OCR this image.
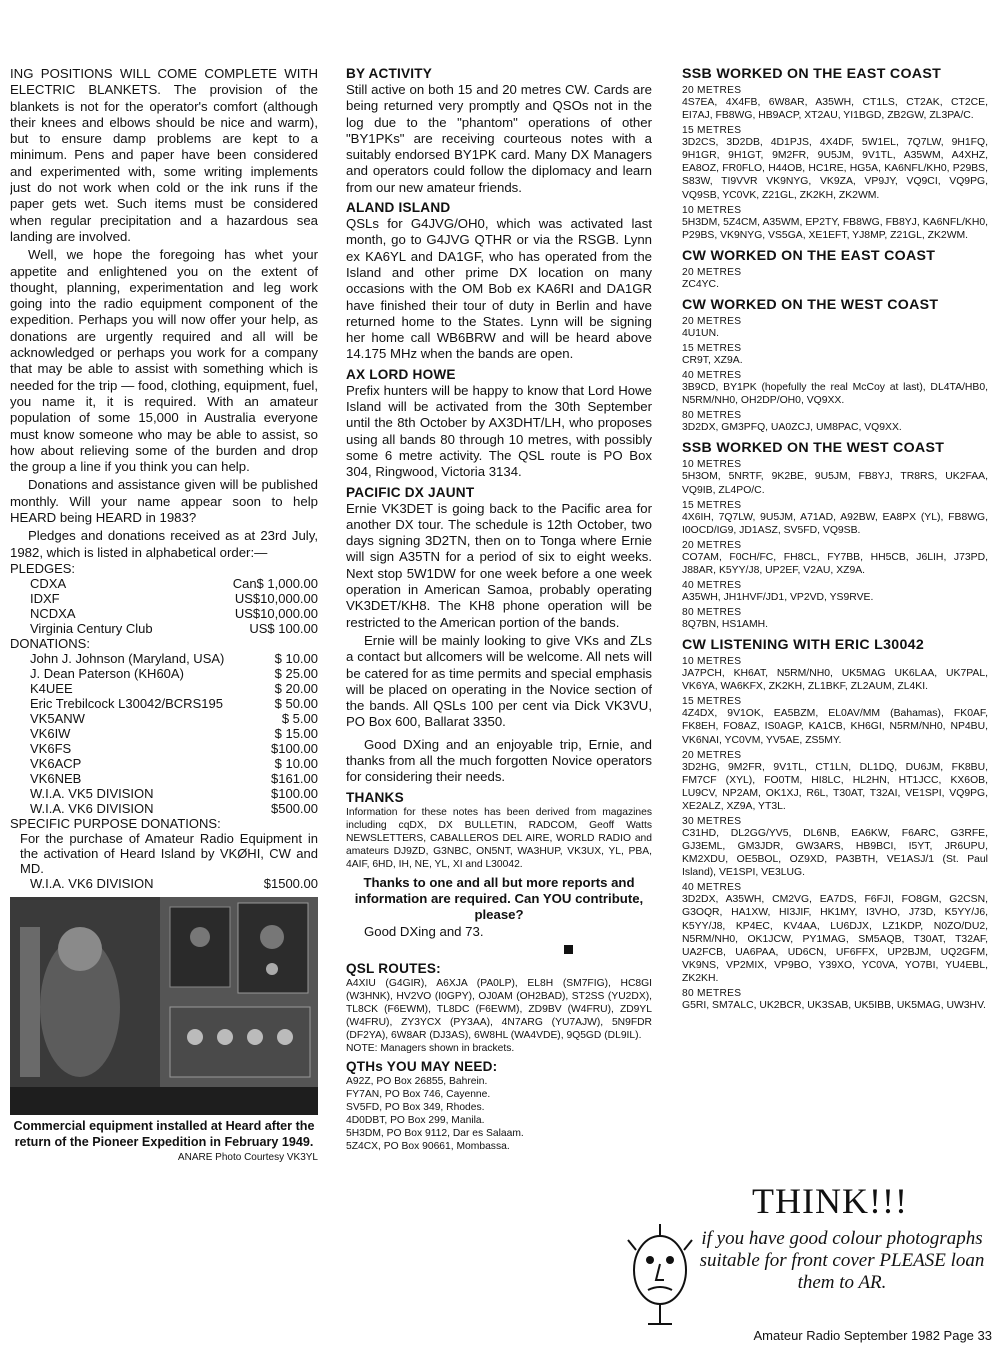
ING POSITIONS WILL COME COMPLETE WITH ELECTRIC BLANKETS. The provision of the blankets is not for the operator's comfort (although their knees and elbows should be nice and warm), but to ensure damp problems are kept to a minimum. Pens and paper have been considered and experimented with, some writing implements just do not work when cold or the ink runs if the paper gets wet. Such items must be considered when regular precipitation and a hazardous sea landing are involved.

Well, we hope the foregoing has whet your appetite and enlightened you on the extent of thought, planning, experimentation and leg work going into the radio equipment component of the expedition. Perhaps you will now offer your help, as donations are urgently required and all will be acknowledged or perhaps you work for a company that may be able to assist with something which is needed for the trip — food, clothing, equipment, fuel, you name it, it is required. With an amateur population of some 15,000 in Australia everyone must know someone who may be able to assist, so how about relieving some of the burden and drop the group a line if you think you can help.

Donations and assistance given will be published monthly. Will your name appear soon to help HEARD being HEARD in 1983?

Pledges and donations received as at 23rd July, 1982, which is listed in alphabetical order:—

PLEDGES:
CDXA	Can$ 1,000.00
IDXF	US$10,000.00
NCDXA	US$10,000.00
Virginia Century Club	US$ 100.00
DONATIONS:
John J. Johnson (Maryland, USA)	$ 10.00
J. Dean Paterson (KH60A)	$ 25.00
K4UEE	$ 20.00
Eric Trebilcock L30042/BCRS195	$ 50.00
VK5ANW	$ 5.00
VK6IW	$ 15.00
VK6FS	$100.00
VK6ACP	$ 10.00
VK6NEB	$161.00
W.I.A. VK5 DIVISION	$100.00
W.I.A. VK6 DIVISION	$500.00
SPECIFIC PURPOSE DONATIONS:
For the purchase of Amateur Radio Equipment in the activation of Heard Island by VKØHI, CW and MD.
W.I.A. VK6 DIVISION	$1500.00
Commercial equipment installed at Heard after the return of the Pioneer Expedition in February 1949.
ANARE Photo Courtesy VK3YL
BY ACTIVITY

Still active on both 15 and 20 metres CW. Cards are being returned very promptly and QSOs not in the log due to the "phantom" operations of other "BY1PKs" are receiving courteous notes with a suitably endorsed BY1PK card. Many DX Managers and operators could follow the diplomacy and learn from our new amateur friends.

ALAND ISLAND

QSLs for G4JVG/OH0, which was activated last month, go to G4JVG QTHR or via the RSGB. Lynn ex KA6YL and DA1GF, who has operated from the Island and other prime DX location on many occasions with the OM Bob ex KA6RI and DA1GR have finished their tour of duty in Berlin and have returned home to the States. Lynn will be signing her home call WB6BRW and will be heard above 14.175 MHz when the bands are open.

AX LORD HOWE

Prefix hunters will be happy to know that Lord Howe Island will be activated from the 30th September until the 8th October by AX3DHT/LH, who proposes using all bands 80 through 10 metres, with possibly some 6 metre activity. The QSL route is PO Box 304, Ringwood, Victoria 3134.

PACIFIC DX JAUNT

Ernie VK3DET is going back to the Pacific area for another DX tour. The schedule is 12th October, two days signing 3D2TN, then on to Tonga where Ernie will sign A35TN for a period of six to eight weeks. Next stop 5W1DW for one week before a one week operation in American Samoa, probably operating VK3DET/KH8. The KH8 phone operation will be restricted to the American portion of the bands.

Ernie will be mainly looking to give VKs and ZLs a contact but allcomers will be welcome. All nets will be catered for as time permits and special emphasis will be placed on operating in the Novice section of the bands. All QSLs 100 per cent via Dick VK3VU, PO Box 600, Ballarat 3350.

Good DXing and an enjoyable trip, Ernie, and thanks from all the much forgotten Novice operators for considering their needs.

THANKS

Information for these notes has been derived from magazines including cqDX, DX BULLETIN, RADCOM, Geoff Watts NEWSLETTERS, CABALLEROS DEL AIRE, WORLD RADIO and amateurs DJ9ZD, G3NBC, ON5NT, WA3HUP, VK3UX, YL, PBA, 4AIF, 6HD, IH, NE, YL, XI and L30042.

Thanks to one and all but more reports and information are required. Can YOU contribute, please?

Good DXing and 73.
QSL ROUTES:

A4XIU (G4GIR), A6XJA (PA0LP), EL8H (SM7FIG), HC8GI (W3HNK), HV2VO (I0GPY), OJ0AM (OH2BAD), ST2SS (YU2DX), TL8CK (F6EWM), TL8DC (F6EWM), ZD9BV (W4FRU), ZD9YL (W4FRU), ZY3YCX (PY3AA), 4N7ARG (YU7AJW), 5N9FDR (DF2YA), 6W8AR (DJ3AS), 6W8HL (WA4VDE), 9Q5GD (DL9IL).

NOTE: Managers shown in brackets.

QTHs YOU MAY NEED:
A92Z, PO Box 26855, Bahrein.
FY7AN, PO Box 746, Cayenne.
SV5FD, PO Box 349, Rhodes.
4D0DBT, PO Box 299, Manila.
5H3DM, PO Box 9112, Dar es Salaam.
5Z4CX, PO Box 90661, Mombassa.
SSB WORKED ON THE EAST COAST
20 METRES

4S7EA, 4X4FB, 6W8AR, A35WH, CT1LS, CT2AK, CT2CE, EI7AJ, FB8WG, HB9ACP, XT2AU, YI1BGD, ZB2GW, ZL3PA/C.

15 METRES

3D2CS, 3D2DB, 4D1PJS, 4X4DF, 5W1EL, 7Q7LW, 9H1FQ, 9H1GR, 9H1GT, 9M2FR, 9U5JM, 9V1TL, A35WM, A4XHZ, EA8OZ, FR0FLO, H44OB, HC1RE, HG5A, KA6NFL/KH0, P29BS, S83W, TI9VVR VK9NYG, VK9ZA, VP9JY, VQ9CI, VQ9PG, VQ9SB, YC0VK, Z21GL, ZK2KH, ZK2WM.

10 METRES

5H3DM, 5Z4CM, A35WM, EP2TY, FB8WG, FB8YJ, KA6NFL/KH0, P29BS, VK9NYG, VS5GA, XE1EFT, YJ8MP, Z21GL, ZK2WM.

CW WORKED ON THE EAST COAST
20 METRES

ZC4YC.

CW WORKED ON THE WEST COAST
20 METRES

4U1UN.

15 METRES

CR9T, XZ9A.

40 METRES

3B9CD, BY1PK (hopefully the real McCoy at last), DL4TA/HB0, N5RM/NH0, OH2DP/OH0, VQ9XX.

80 METRES

3D2DX, GM3PFQ, UA0ZCJ, UM8PAC, VQ9XX.

SSB WORKED ON THE WEST COAST
10 METRES

5H3OM, 5NRTF, 9K2BE, 9U5JM, FB8YJ, TR8RS, UK2FAA, VQ9IB, ZL4PO/C.

15 METRES

4X6IH, 7Q7LW, 9U5JM, A71AD, A92BW, EA8PX (YL), FB8WG, I0OCD/IG9, JD1ASZ, SV5FD, VQ9SB.

20 METRES

CO7AM, F0CH/FC, FH8CL, FY7BB, HH5CB, J6LIH, J73PD, J88AR, K5YY/J8, UP2EF, V2AU, XZ9A.

40 METRES

A35WH, JH1HVF/JD1, VP2VD, YS9RVE.

80 METRES

8Q7BN, HS1AMH.

CW LISTENING WITH ERIC L30042
10 METRES

JA7PCH, KH6AT, N5RM/NH0, UK5MAG UK6LAA, UK7PAL, VK6YA, WA6KFX, ZK2KH, ZL1BKF, ZL2AUM, ZL4KI.

15 METRES

4Z4DX, 9V1OK, EA5BZM, EL0AV/MM (Bahamas), FK0AF, FK8EH, FO8AZ, IS0AGP, KA1CB, KH6GI, N5RM/NH0, NP4BU, VK6NAI, YC0VM, YV5AE, ZS5MY.

20 METRES

3D2HG, 9M2FR, 9V1TL, CT1LN, DL1DQ, DU6JM, FK8BU, FM7CF (XYL), FO0TM, HI8LC, HL2HN, HT1JCC, KX6OB, LU9CV, NP2AM, OK1XJ, R6L, T30AT, T32AI, VE1SPI, VQ9PG, XE2ALZ, XZ9A, YT3L.

30 METRES

C31HD, DL2GG/YV5, DL6NB, EA6KW, F6ARC, G3RFE, GJ3EML, GM3JDR, GW3ARS, HB9BCI, I5YT, JR6UPU, KM2XDU, OE5BOL, OZ9XD, PA3BTH, VE1ASJ/1 (St. Paul Island), VE1SPI, VE3LUG.

40 METRES

3D2DX, A35WH, CM2VG, EA7DS, F6FJI, FO8GM, G2CSN, G3OQR, HA1XW, HI3JIF, HK1MY, I3VHO, J73D, K5YY/J6, K5YY/J8, KP4EC, KV4AA, LU6DJX, LZ1KDP, N0ZO/DU2, N5RM/NH0, OK1JCW, PY1MAG, SM5AQB, T30AT, T32AF, UA2FCB, UA6PAA, UD6CN, UF6FFX, UP2BJM, UQ2GFM, VK9NS, VP2MIX, VP9BO, Y39XO, YC0VA, YO7BI, YU4EBL, ZK2KH.

80 METRES

G5RI, SM7ALC, UK2BCR, UK3SAB, UK5IBB, UK5MAG, UW3HV.

THINK!!!
if you have good colour photographs suitable for front cover PLEASE loan them to AR.
Amateur Radio September 1982 Page 33
